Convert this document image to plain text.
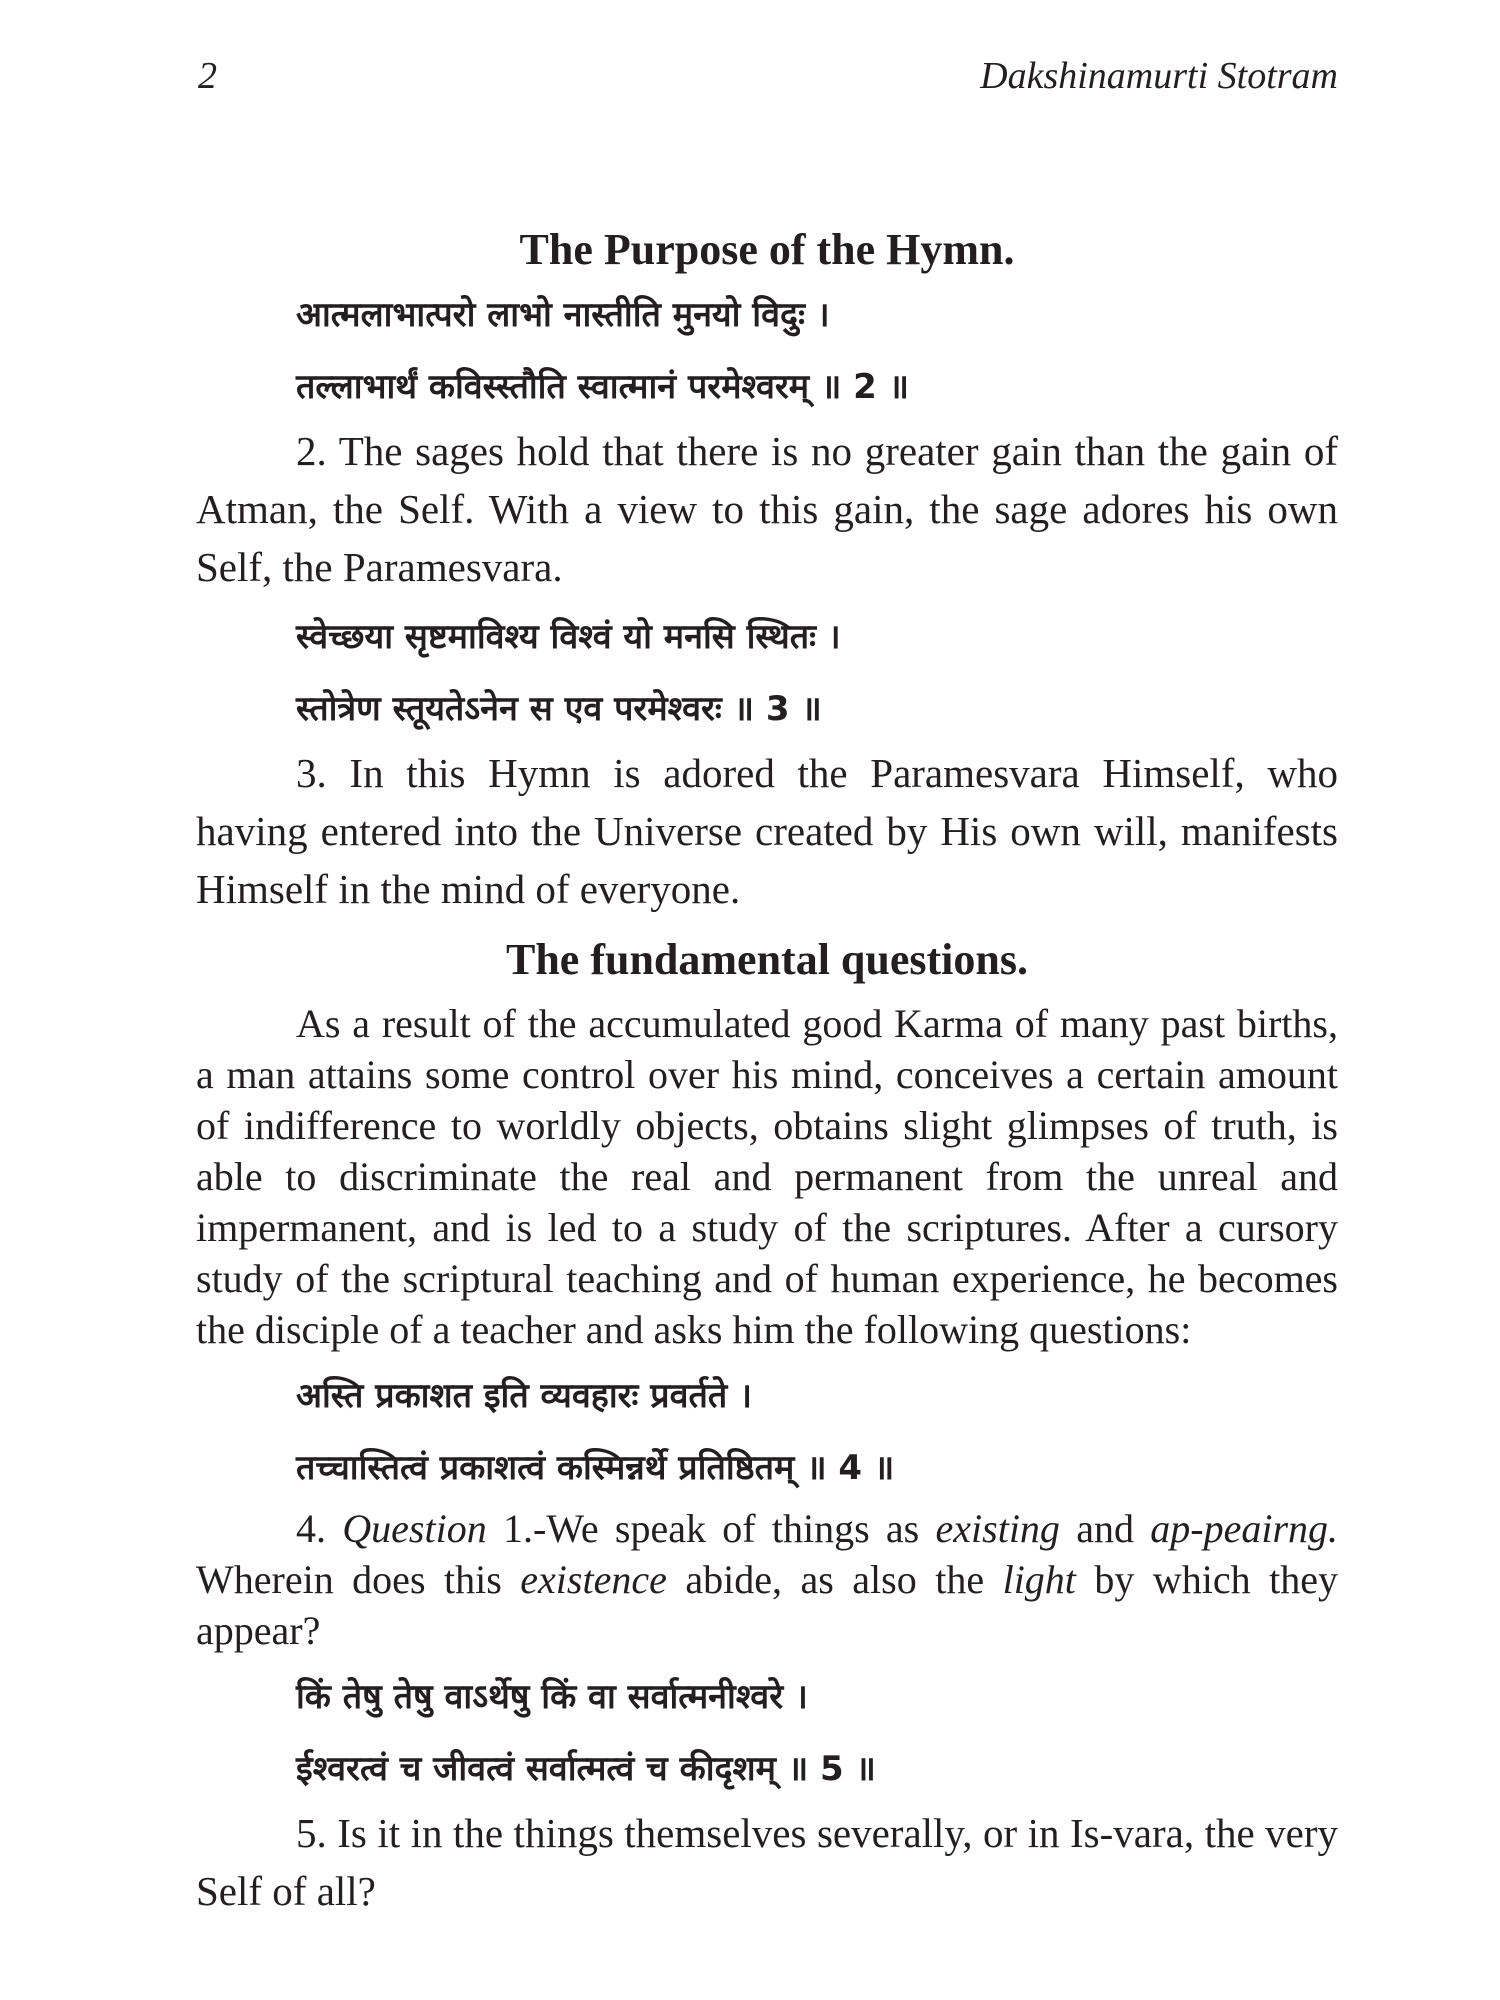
2	Dakshinamurti Stotram
The Purpose of the Hymn.

आत्मलाभात्परो लाभो नास्तीति मुनयो विदुः ।

तल्लाभार्थं कविस्स्तौति स्वात्मानं परमेश्वरम् ॥ 2 ॥

2. The sages hold that there is no greater gain than the gain of Atman, the Self. With a view to this gain, the sage adores his own Self, the Paramesvara.

स्वेच्छया सृष्टमाविश्य विश्वं यो मनसि स्थितः ।

स्तोत्रेण स्तूयतेऽनेन स एव परमेश्वरः ॥ 3 ॥

3. In this Hymn is adored the Paramesvara Himself, who having entered into the Universe created by His own will, manifests Himself in the mind of everyone.

The fundamental questions.

As a result of the accumulated good Karma of many past births, a man attains some control over his mind, conceives a certain amount of indifference to worldly objects, obtains slight glimpses of truth, is able to discriminate the real and permanent from the unreal and impermanent, and is led to a study of the scriptures. After a cursory study of the scriptural teaching and of human experience, he becomes the disciple of a teacher and asks him the following questions:

अस्ति प्रकाशत इति व्यवहारः प्रवर्तते ।

तच्चास्तित्वं प्रकाशत्वं कस्मिन्नर्थे प्रतिष्ठितम् ॥ 4 ॥

4. Question 1.-We speak of things as existing and ap-peairng. Wherein does this existence abide, as also the light by which they appear?

किं तेषु तेषु वाऽर्थेषु किं वा सर्वात्मनीश्वरे ।

ईश्वरत्वं च जीवत्वं सर्वात्मत्वं च कीदृशम् ॥ 5 ॥

5. Is it in the things themselves severally, or in Is-vara, the very Self of all?
